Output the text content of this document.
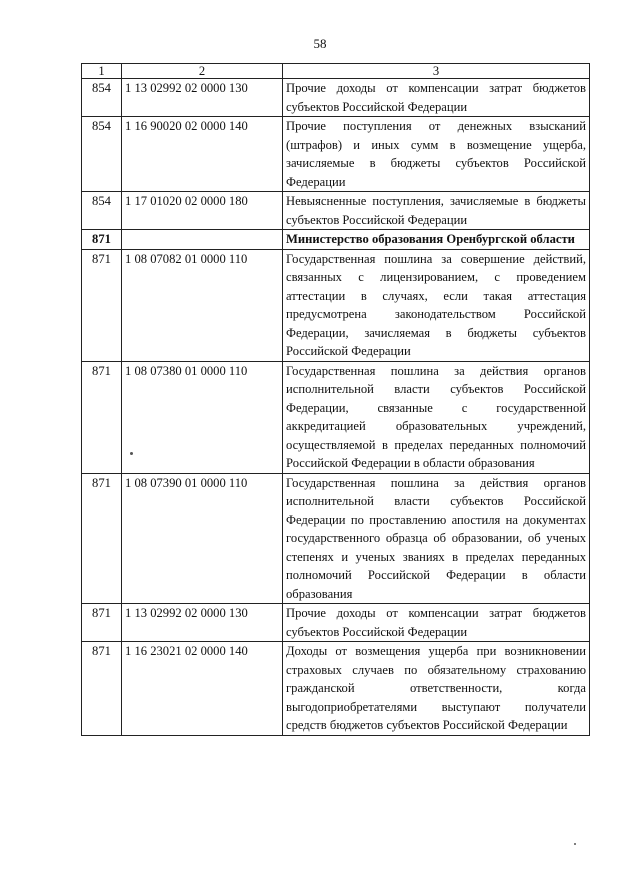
58
1	2	3
854	1 13 02992 02 0000 130	Прочие доходы от компенсации затрат бюджетов субъектов Российской Федерации
854	1 16 90020 02 0000 140	Прочие поступления от денежных взысканий (штрафов) и иных сумм в возмещение ущерба, зачисляемые в бюджеты субъектов Российской Федерации
854	1 17 01020 02 0000 180	Невыясненные поступления, зачисляемые в бюджеты субъектов Российской Федерации
871		Министерство образования Оренбургской области
871	1 08 07082 01 0000 110	Государственная пошлина за совершение действий, связанных с лицензированием, с проведением аттестации в случаях, если такая аттестация предусмотрена законодательством Российской Федерации, зачисляемая в бюджеты субъектов Российской Федерации
871	1 08 07380 01 0000 110	Государственная пошлина за действия органов исполнительной власти субъектов Российской Федерации, связанные с государственной аккредитацией образовательных учреждений, осуществляемой в пределах переданных полномочий Российской Федерации в области образования
871	1 08 07390 01 0000 110	Государственная пошлина за действия органов исполнительной власти субъектов Российской Федерации по проставлению апостиля на документах государственного образца об образовании, об ученых степенях и ученых званиях в пределах переданных полномочий Российской Федерации в области образования
871	1 13 02992 02 0000 130	Прочие доходы от компенсации затрат бюджетов субъектов Российской Федерации
871	1 16 23021 02 0000 140	Доходы от возмещения ущерба при возникновении страховых случаев по обязательному страхованию гражданской ответственности, когда выгодоприобретателями выступают получатели средств бюджетов субъектов Российской Федерации
